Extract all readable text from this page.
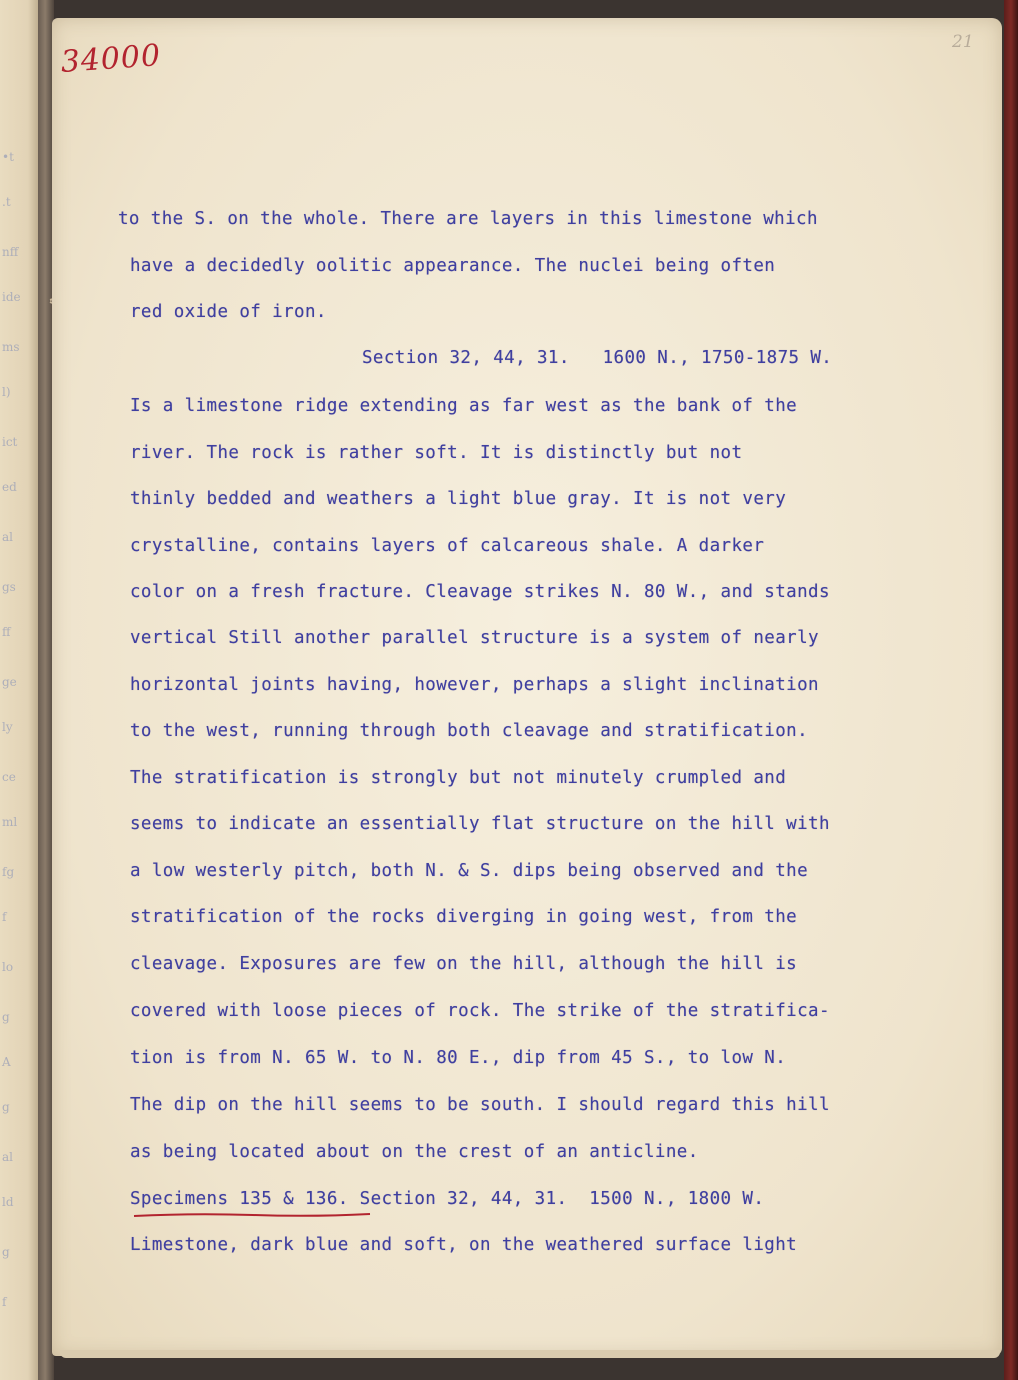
•t
.t
nff
ide
ms
l)
ict
ed
al
gs
ff
ge
ly
ce
ml
fg
f
lo
g
A
g
al
ld
g
f
34000	21

to the S. on the whole. There are layers in this limestone which

have a decidedly oolitic appearance. The nuclei being often

red oxide of iron.

Section 32, 44, 31.   1600 N., 1750-1875 W.

Is a limestone ridge extending as far west as the bank of the

river. The rock is rather soft. It is distinctly but not

thinly bedded and weathers a light blue gray. It is not very

crystalline, contains layers of calcareous shale. A darker

color on a fresh fracture. Cleavage strikes N. 80 W., and stands

vertical Still another parallel structure is a system of nearly

horizontal joints having, however, perhaps a slight inclination

to the west, running through both cleavage and stratification.

The stratification is strongly but not minutely crumpled and

seems to indicate an essentially flat structure on the hill with

a low westerly pitch, both N. & S. dips being observed and the

stratification of the rocks diverging in going west, from the

cleavage. Exposures are few on the hill, although the hill is

covered with loose pieces of rock. The strike of the stratifica-

tion is from N. 65 W. to N. 80 E., dip from 45 S., to low N.

The dip on the hill seems to be south. I should regard this hill

as being located about on the crest of an anticline.

Specimens 135 & 136. Section 32, 44, 31.  1500 N., 1800 W.

Limestone, dark blue and soft, on the weathered surface light
